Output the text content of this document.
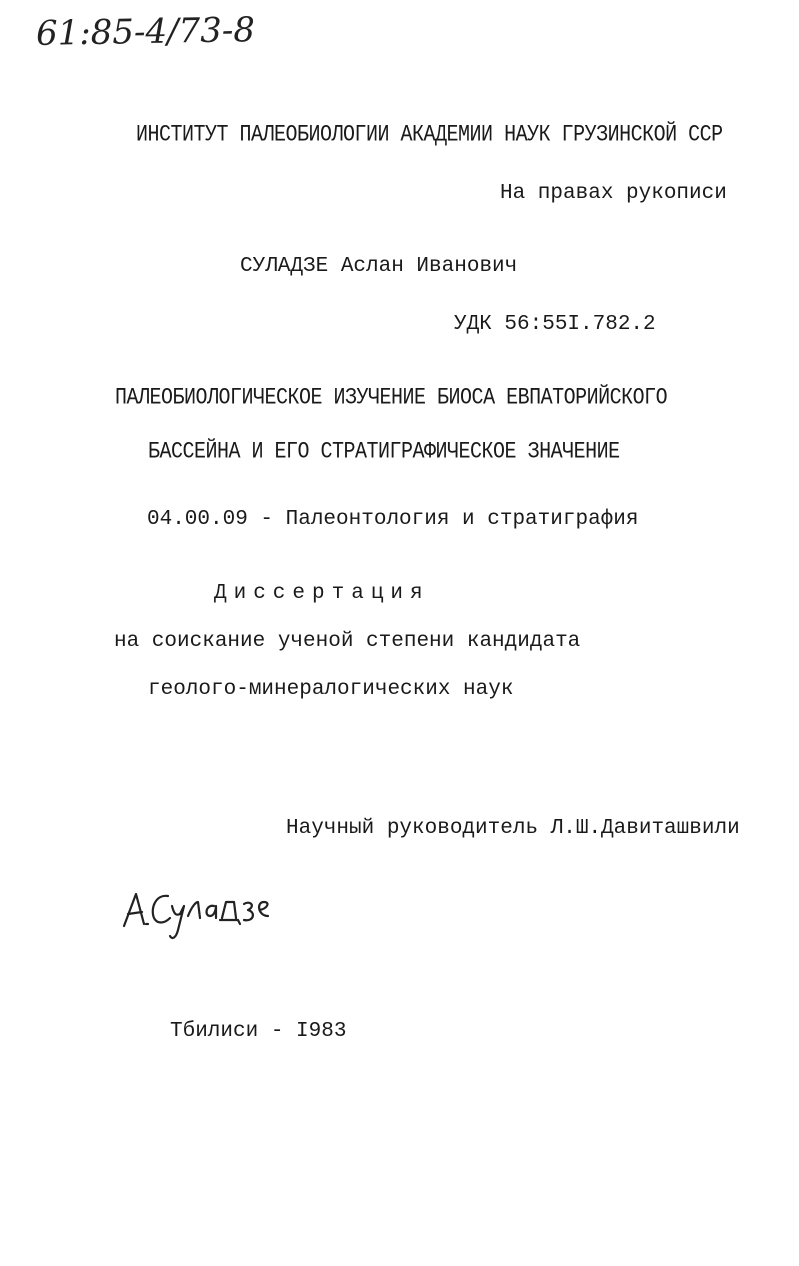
61:85-4/73-8
ИНСТИТУТ ПАЛЕОБИОЛОГИИ АКАДЕМИИ НАУК ГРУЗИНСКОЙ ССР
На правах рукописи
СУЛАДЗЕ Аслан Иванович
УДК 56:55I.782.2
ПАЛЕОБИОЛОГИЧЕСКОЕ ИЗУЧЕНИЕ БИОСА ЕВПАТОРИЙСКОГО
БАССЕЙНА И ЕГО СТРАТИГРАФИЧЕСКОЕ ЗНАЧЕНИЕ
04.00.09 - Палеонтология и стратиграфия
Диссертация
на соискание ученой степени кандидата
геолого-минералогических наук
Научный руководитель Л.Ш.Давиташвили
Тбилиси - I983
